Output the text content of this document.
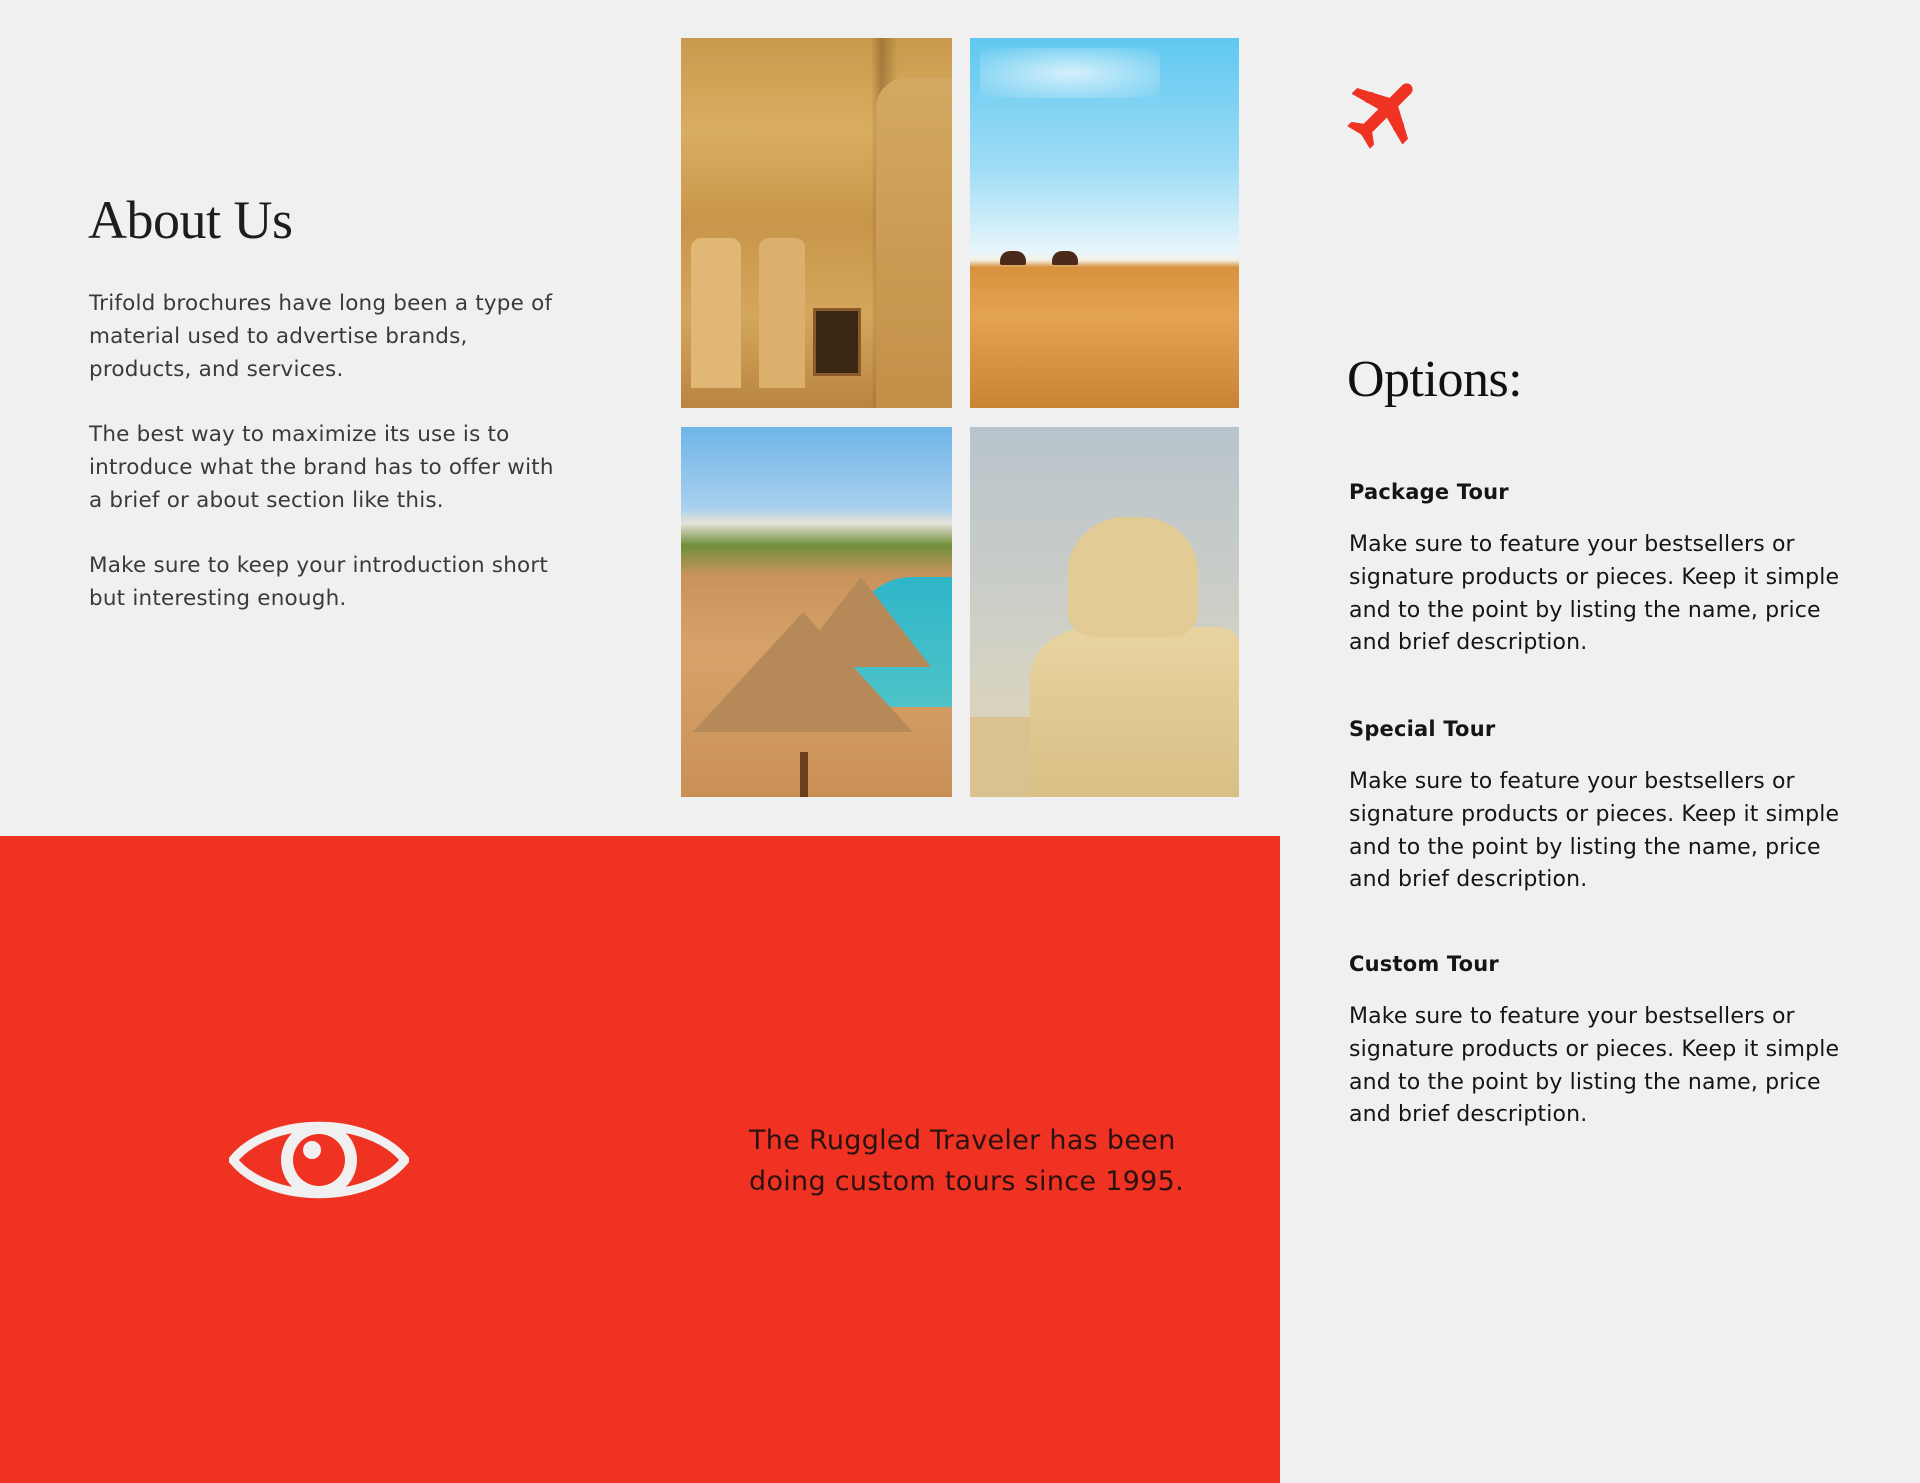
About Us

Trifold brochures have long been a type of material used to advertise brands, products, and services.

The best way to maximize its use is to introduce what the brand has to offer with a brief or about section like this.

Make sure to keep your introduction short but interesting enough.

The Ruggled Traveler has been doing custom tours since 1995.

Options:
Package Tour

Make sure to feature your bestsellers or signature products or pieces. Keep it simple and to the point by listing the name, price and brief description.

Special Tour

Make sure to feature your bestsellers or signature products or pieces. Keep it simple and to the point by listing the name, price and brief description.

Custom Tour

Make sure to feature your bestsellers or signature products or pieces. Keep it simple and to the point by listing the name, price and brief description.
